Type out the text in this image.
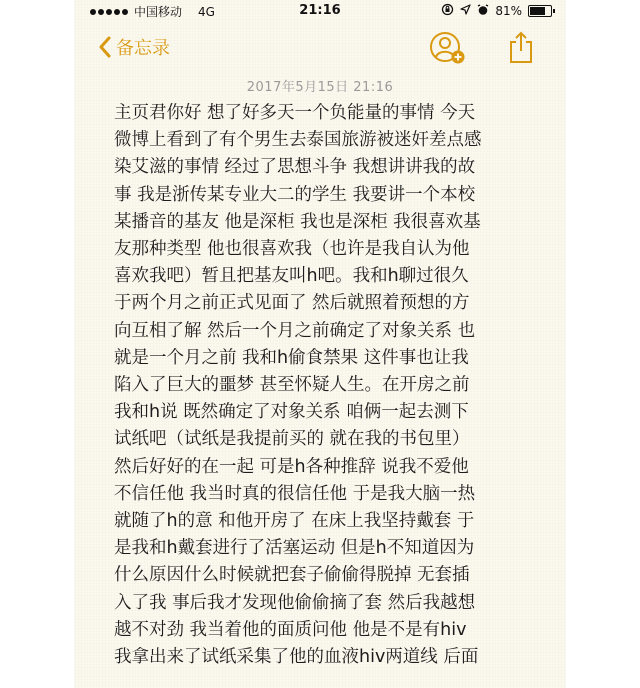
中国移动 4G	21:16	81%
备忘录
2017年5月15日 21:16
主页君你好 想了好多天一个负能量的事情 今天
微博上看到了有个男生去泰国旅游被迷奸差点感
染艾滋的事情 经过了思想斗争 我想讲讲我的故
事 我是浙传某专业大二的学生 我要讲一个本校
某播音的基友 他是深柜 我也是深柜 我很喜欢基
友那种类型 他也很喜欢我（也许是我自认为他
喜欢我吧）暂且把基友叫h吧。我和h聊过很久
于两个月之前正式见面了 然后就照着预想的方
向互相了解 然后一个月之前确定了对象关系 也
就是一个月之前 我和h偷食禁果 这件事也让我
陷入了巨大的噩梦 甚至怀疑人生。在开房之前
我和h说 既然确定了对象关系 咱俩一起去测下
试纸吧（试纸是我提前买的 就在我的书包里）
然后好好的在一起 可是h各种推辞 说我不爱他
不信任他 我当时真的很信任他 于是我大脑一热
就随了h的意 和他开房了 在床上我坚持戴套 于
是我和h戴套进行了活塞运动 但是h不知道因为
什么原因什么时候就把套子偷偷得脱掉 无套插
入了我 事后我才发现他偷偷摘了套 然后我越想
越不对劲 我当着他的面质问他 他是不是有hiv
我拿出来了试纸采集了他的血液hiv两道线 后面
